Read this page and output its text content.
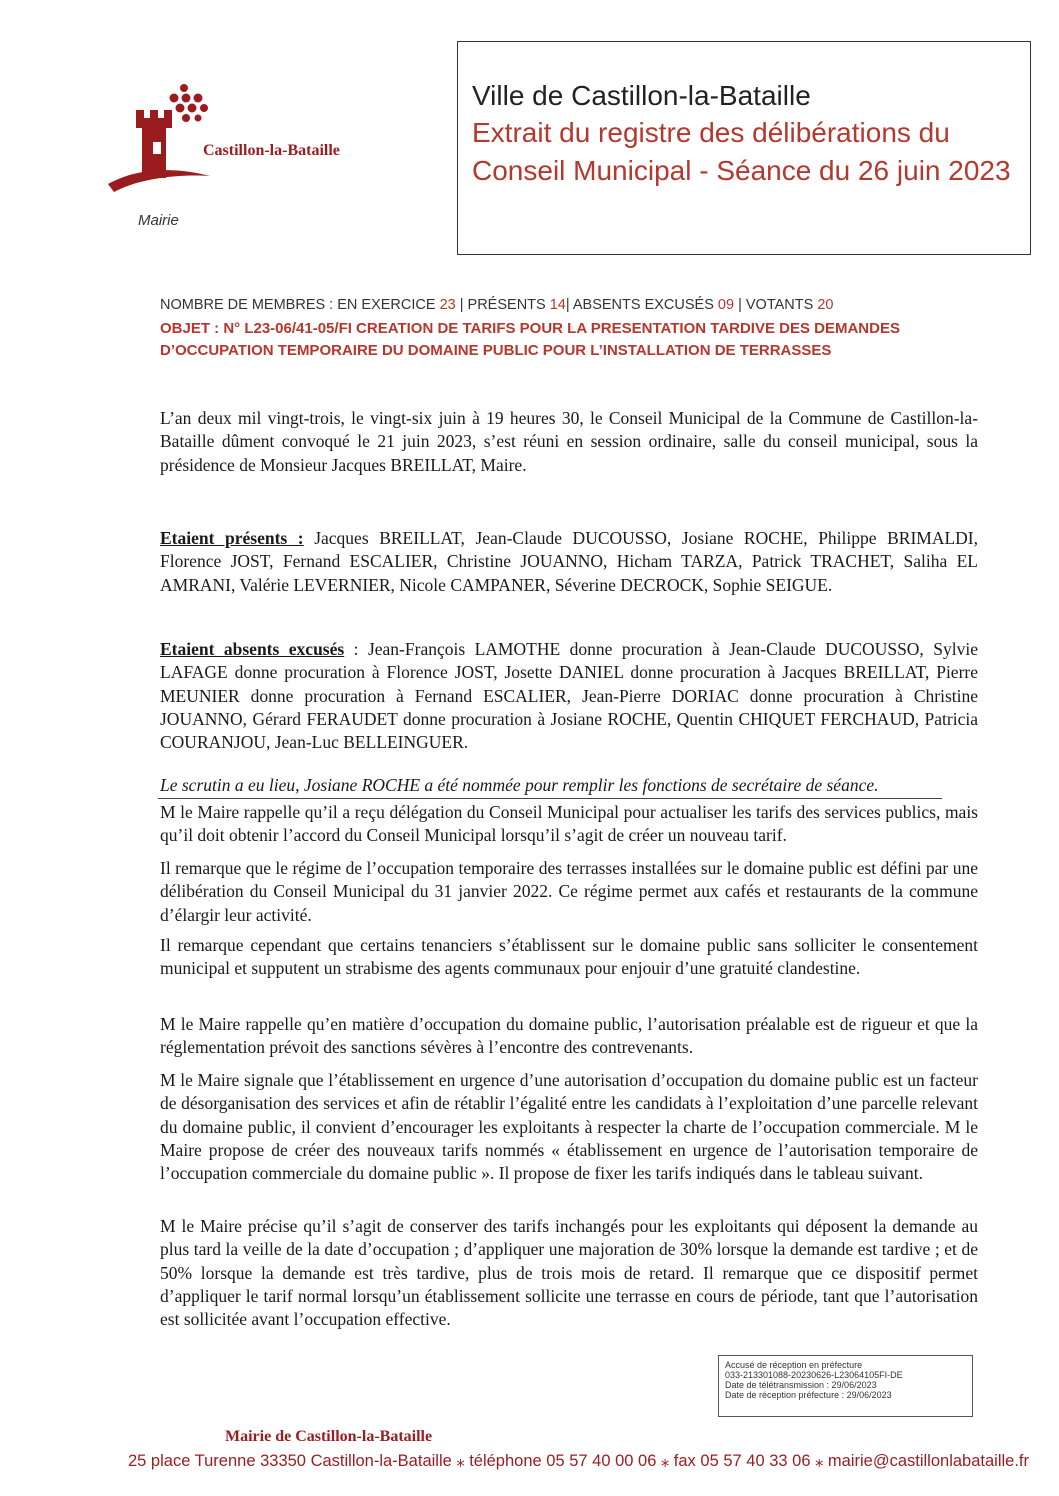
Castillon-la-Bataille
Mairie
Ville de Castillon-la-Bataille
Extrait du registre des délibérations du Conseil Municipal - Séance du 26 juin 2023
NOMBRE DE MEMBRES : EN EXERCICE 23 | PRÉSENTS 14| ABSENTS EXCUSÉS 09 | VOTANTS 20
OBJET : N° L23-06/41-05/FI CREATION DE TARIFS POUR LA PRESENTATION TARDIVE DES DEMANDES D’OCCUPATION TEMPORAIRE DU DOMAINE PUBLIC POUR L’INSTALLATION DE TERRASSES
L’an deux mil vingt-trois, le vingt-six juin à 19 heures 30, le Conseil Municipal de la Commune de Castillon-la-Bataille dûment convoqué le 21 juin 2023, s’est réuni en session ordinaire, salle du conseil municipal, sous la présidence de Monsieur Jacques BREILLAT, Maire.
Etaient présents : Jacques BREILLAT, Jean-Claude DUCOUSSO, Josiane ROCHE, Philippe BRIMALDI, Florence JOST, Fernand ESCALIER, Christine JOUANNO, Hicham TARZA, Patrick TRACHET, Saliha EL AMRANI, Valérie LEVERNIER, Nicole CAMPANER, Séverine DECROCK, Sophie SEIGUE.
Etaient absents excusés : Jean-François LAMOTHE donne procuration à Jean-Claude DUCOUSSO, Sylvie LAFAGE donne procuration à Florence JOST, Josette DANIEL donne procuration à Jacques BREILLAT, Pierre MEUNIER donne procuration à Fernand ESCALIER, Jean-Pierre DORIAC donne procuration à Christine JOUANNO, Gérard FERAUDET donne procuration à Josiane ROCHE, Quentin CHIQUET FERCHAUD, Patricia COURANJOU, Jean-Luc BELLEINGUER.
Le scrutin a eu lieu, Josiane ROCHE a été nommée pour remplir les fonctions de secrétaire de séance.
M le Maire rappelle qu’il a reçu délégation du Conseil Municipal pour actualiser les tarifs des services publics, mais qu’il doit obtenir l’accord du Conseil Municipal lorsqu’il s’agit de créer un nouveau tarif.
Il remarque que le régime de l’occupation temporaire des terrasses installées sur le domaine public est défini par une délibération du Conseil Municipal du 31 janvier 2022. Ce régime permet aux cafés et restaurants de la commune d’élargir leur activité.
Il remarque cependant que certains tenanciers s’établissent sur le domaine public sans solliciter le consentement municipal et supputent un strabisme des agents communaux pour enjouir d’une gratuité clandestine.
M le Maire rappelle qu’en matière d’occupation du domaine public, l’autorisation préalable est de rigueur et que la réglementation prévoit des sanctions sévères à l’encontre des contrevenants.
M le Maire signale que l’établissement en urgence d’une autorisation d’occupation du domaine public est un facteur de désorganisation des services et afin de rétablir l’égalité entre les candidats à l’exploitation d’une parcelle relevant du domaine public, il convient d’encourager les exploitants à respecter la charte de l’occupation commerciale. M le Maire propose de créer des nouveaux tarifs nommés « établissement en urgence de l’autorisation temporaire de l’occupation commerciale du domaine public ». Il propose de fixer les tarifs indiqués dans le tableau suivant.
M le Maire précise qu’il s’agit de conserver des tarifs inchangés pour les exploitants qui déposent la demande au plus tard la veille de la date d’occupation ; d’appliquer une majoration de 30% lorsque la demande est tardive ; et de 50% lorsque la demande est très tardive, plus de trois mois de retard. Il remarque que ce dispositif permet d’appliquer le tarif normal lorsqu’un établissement sollicite une terrasse en cours de période, tant que l’autorisation est sollicitée avant l’occupation effective.
Accusé de réception en préfecture
033-213301088-20230626-L23064105FI-DE
Date de télétransmission : 29/06/2023
Date de réception préfecture : 29/06/2023
Mairie de Castillon-la-Bataille
25 place Turenne 33350 Castillon-la-Bataille ⁎ téléphone 05 57 40 00 06 ⁎ fax 05 57 40 33 06 ⁎ mairie@castillonlabataille.fr
